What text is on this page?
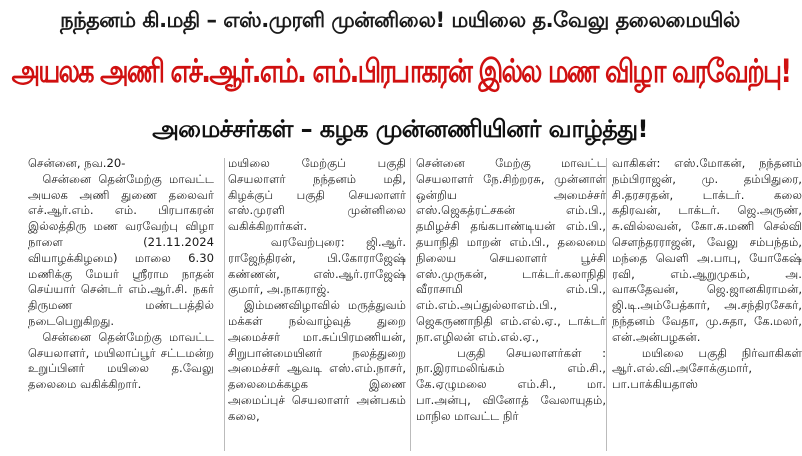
நந்தனம் கி.மதி – எஸ்.முரளி முன்னிலை! மயிலை த.வேலு தலைமையில்
அயலக அணி எச்.ஆர்.எம். எம்.பிரபாகரன் இல்ல மண விழா வரவேற்பு!
அமைச்சர்கள் – கழக முன்னணியினர் வாழ்த்து!

சென்னை, நவ.20-
சென்னை தென்மேற்கு மாவட்ட அயலக அணி துணை தலைவர் எச்.ஆர்.எம். எம். பிரபாகரன் இல்லத்திரு மண வரவேற்பு விழா நாளை (21.11.2024 வியாழக்கிழமை) மாலை 6.30 மணிக்கு மேயர் ஸ்ரீராம நாதன் செய்யார் சென்டர் எம்.ஆர்.சி. நகர் திருமண மண்டபத்தில் நடைபெறுகிறது.
சென்னை தென்மேற்கு மாவட்ட செயலாளர், மயிலாப்பூர் சட்டமன்ற உறுப்பினர் மயிலை த.வேலு தலைமை வகிக்கிறார்.

மயிலை மேற்குப் பகுதி செயலாளர் நந்தனம் மதி, கிழக்குப் பகுதி செயலாளர் எஸ்.முரளி முன்னிலை வகிக்கிறார்கள்.
வரவேற்புரை: ஜி.ஆர். ராஜேந்திரன், பி.கோராஜேஷ் கண்ணன், எஸ்.ஆர்.ராஜேஷ் குமார், அ.நாகராஜ்.
இம்மணவிழாவில் மருத்துவம் மக்கள் நல்வாழ்வுத் துறை அமைச்சர் மா.சுப்பிரமணியன், சிறுபான்மையினர் நலத்துறை அமைச்சர் ஆவடி எஸ்.எம்.நாசர், தலைமைக்கழக இணை அமைப்புச் செயலாளர் அன்பகம் கலை,

சென்னை மேற்கு மாவட்ட செயலாளர் நே.சிற்றரசு, முன்னாள் ஒன்றிய அமைச்சர் எஸ்.ஜெகத்ரட்சகன் எம்.பி., தமிழச்சி தங்கபாண்டியன் எம்.பி., தயாநிதி மாறன் எம்.பி., தலைமை நிலைய செயலாளர் பூச்சி எஸ்.முருகன், டாக்டர்.கலாநிதி வீராசாமி எம்.பி., எம்.எம்.அப்துல்லாஎம்.பி., ஜெகருணாநிதி எம்.எல்.ஏ., டாக்டர் நா.எழிலன் எம்.எல்.ஏ.,
பகுதி செயலாளர்கள் : நா.இராமலிங்கம் எம்.சி., கே.ஏழுமலை எம்.சி., மா. பா.அன்பு, வினோத் வேலாயுதம், மாநில மாவட்ட நிர்

வாகிகள்: எஸ்.மோகன், நந்தனம் நம்பிராஜன், மு. தம்பிதுரை, சி.தரசரதன், டாக்டர். கலை கதிரவன், டாக்டர். ஜெ.அருண், சு.வில்லவன், கோ.சு.மணி செல்வி சௌந்தரராஜன், வேலு சம்பந்தம், மந்தை வெளி அ.பாபு, யோகேஷ் ரவி, எம்.ஆறுமுகம், அ. வாசுதேவன், ஜெ.ஜானகிராமன், ஜி.டி.அம்பேத்கார், அ.சந்திரசேகர், நந்தனம் வேதா, மு.சுதா, கே.மலர், என்.அன்பழகன்.
மயிலை பகுதி நிர்வாகிகள் ஆர்.எல்.வி.அசோக்குமார், பா.பாக்கியதாஸ்
